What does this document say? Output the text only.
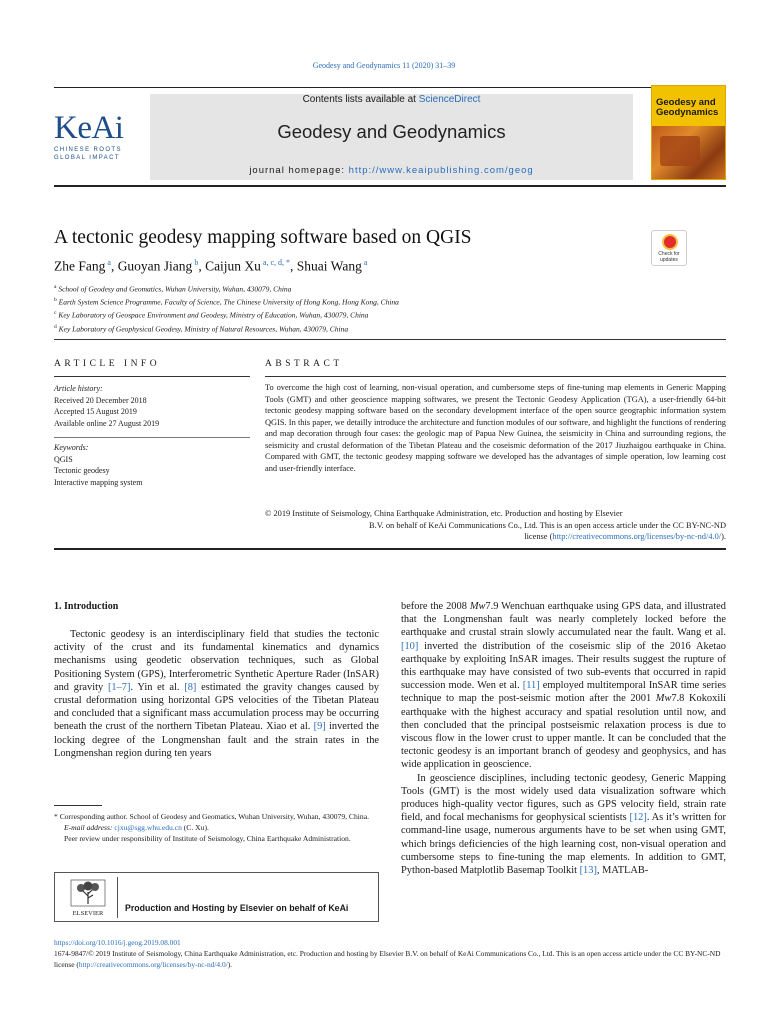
Geodesy and Geodynamics 11 (2020) 31–39
KeAi
CHINESE ROOTS
GLOBAL IMPACT
Contents lists available at ScienceDirect
Geodesy and Geodynamics
journal homepage: http://www.keaipublishing.com/geog
Geodesy and
Geodynamics
A tectonic geodesy mapping software based on QGIS
Check for
updates
Zhe Fang $^a$, Guoyan Jiang $^b$, Caijun Xu $^{a, c, d, *}$, Shuai Wang $^a$
$^a$ School of Geodesy and Geomatics, Wuhan University, Wuhan, 430079, China
$^b$ Earth System Science Programme, Faculty of Science, The Chinese University of Hong Kong, Hong Kong, China
$^c$ Key Laboratory of Geospace Environment and Geodesy, Ministry of Education, Wuhan, 430079, China
$^d$ Key Laboratory of Geophysical Geodesy, Ministry of Natural Resources, Wuhan, 430079, China
ARTICLE INFO	ABSTRACT
Article history:
Received 20 December 2018
Accepted 15 August 2019
Available online 27 August 2019
Keywords:
QGIS
Tectonic geodesy
Interactive mapping system
To overcome the high cost of learning, non-visual operation, and cumbersome steps of fine-tuning map elements in Generic Mapping Tools (GMT) and other geoscience mapping softwares, we present the Tectonic Geodesy Application (TGA), a user-friendly 64-bit tectonic geodesy mapping software based on the secondary development interface of the open source geographic information system QGIS. In this paper, we detailly introduce the architecture and function modules of our software, and highlight the functions of rendering and map decoration through four cases: the geologic map of Papua New Guinea, the seismicity in China and surrounding regions, the seismicity and crustal deformation of the Tibetan Plateau and the coseismic deformation of the 2017 Jiuzhaigou earthquake in China. Compared with GMT, the tectonic geodesy mapping software we developed has the advantages of simple operation, low learning cost and user-friendly interface.
© 2019 Institute of Seismology, China Earthquake Administration, etc. Production and hosting by Elsevier
B.V. on behalf of KeAi Communications Co., Ltd. This is an open access article under the CC BY-NC-ND
license (http://creativecommons.org/licenses/by-nc-nd/4.0/).
1. Introduction

Tectonic geodesy is an interdisciplinary field that studies the tectonic activity of the crust and its fundamental kinematics and dynamics mechanisms using geodetic observation techniques, such as Global Positioning System (GPS), Interferometric Synthetic Aperture Rader (InSAR) and gravity [1–7]. Yin et al. [8] estimated the gravity changes caused by crustal deformation using horizontal GPS velocities of the Tibetan Plateau and concluded that a significant mass accumulation process may be occurring beneath the crust of the northern Tibetan Plateau. Xiao et al. [9] inverted the locking degree of the Longmenshan fault and the strain rates in the Longmenshan region during ten years

before the 2008 Mw7.9 Wenchuan earthquake using GPS data, and illustrated that the Longmenshan fault was nearly completely locked before the earthquake and crustal strain slowly accumulated near the fault. Wang et al. [10] inverted the distribution of the coseismic slip of the 2016 Aketao earthquake by exploiting InSAR images. Their results suggest the rupture of this earthquake may have consisted of two sub-events that occurred in rapid succession mode. Wen et al. [11] employed multitemporal InSAR time series technique to map the post-seismic motion after the 2001 Mw7.8 Kokoxili earthquake with the highest accuracy and spatial resolution until now, and then concluded that the principal postseismic relaxation process is due to viscous flow in the lower crust to upper mantle. It can be concluded that the tectonic geodesy is an important branch of geodesy and geophysics, and has wide application in geoscience.

In geoscience disciplines, including tectonic geodesy, Generic Mapping Tools (GMT) is the most widely used data visualization software which produces high-quality vector figures, such as GPS velocity field, strain rate field, and focal mechanisms for geophysical scientists [12]. As it’s written for command-line usage, numerous arguments have to be set when using GMT, which brings deficiencies of the high learning cost, non-visual operation and cumbersome steps to fine-tuning the map elements. In addition to GMT, Python-based Matplotlib Basemap Toolkit [13], MATLAB-

* Corresponding author. School of Geodesy and Geomatics, Wuhan University, Wuhan, 430079, China.
E-mail address: cjxu@sgg.whu.edu.cn (C. Xu).
Peer review under responsibility of Institute of Seismology, China Earthquake Administration.
ELSEVIER
Production and Hosting by Elsevier on behalf of KeAi
https://doi.org/10.1016/j.geog.2019.08.001
1674-9847/© 2019 Institute of Seismology, China Earthquake Administration, etc. Production and hosting by Elsevier B.V. on behalf of KeAi Communications Co., Ltd. This is an open access article under the CC BY-NC-ND license (http://creativecommons.org/licenses/by-nc-nd/4.0/).
